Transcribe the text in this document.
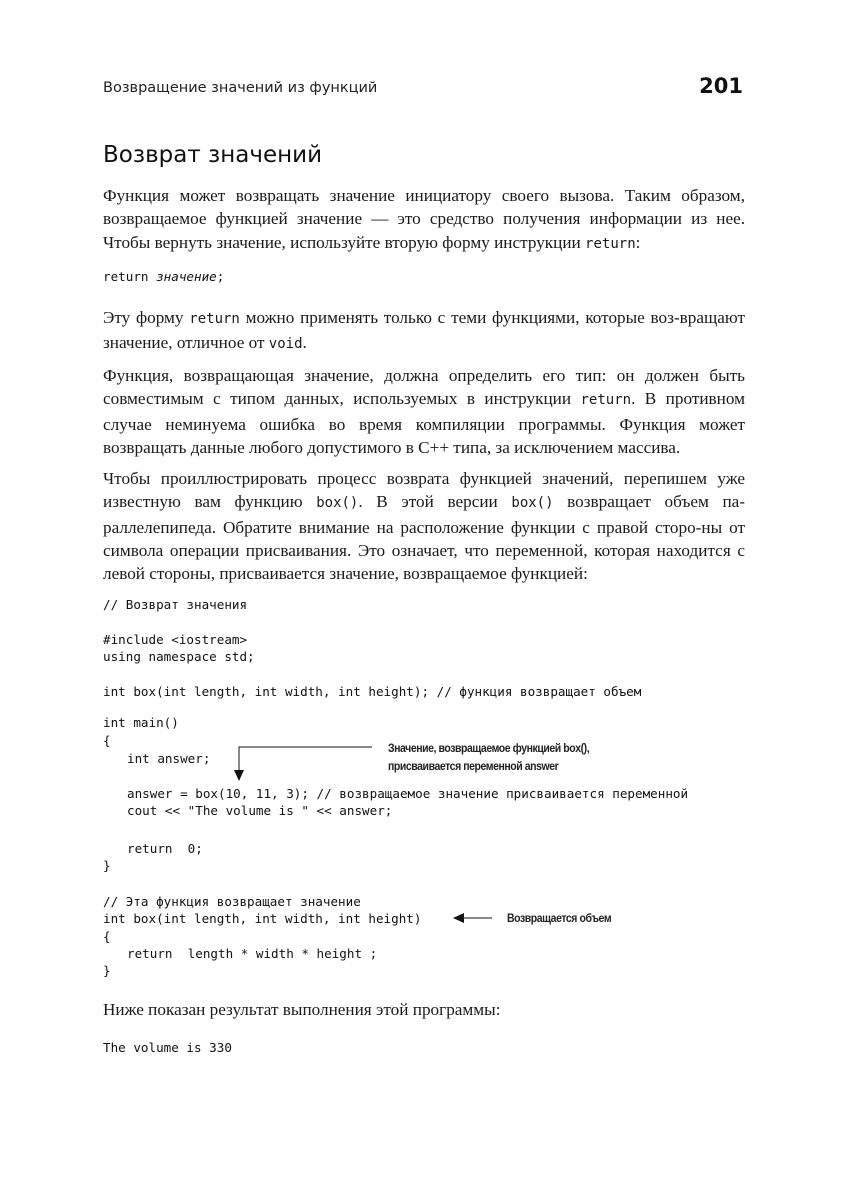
Возвращение значений из функций	201
Возврат значений

Функция может возвращать значение инициатору своего вызова. Таким образом, возвращаемое функцией значение — это средство получения информации из нее. Чтобы вернуть значение, используйте вторую форму инструкции return:

return значение;

Эту форму return можно применять только с теми функциями, которые воз-вращают значение, отличное от void.

Функция, возвращающая значение, должна определить его тип: он должен быть совместимым с типом данных, используемых в инструкции return. В противном случае неминуема ошибка во время компиляции программы. Функция может возвращать данные любого допустимого в C++ типа, за исключением массива.

Чтобы проиллюстрировать процесс возврата функцией значений, перепишем уже известную вам функцию box(). В этой версии box() возвращает объем па-раллелепипеда. Обратите внимание на расположение функции с правой сторо-ны от символа операции присваивания. Это означает, что переменной, которая находится с левой стороны, присваивается значение, возвращаемое функцией:

// Возврат значения
#include <iostream>
using namespace std;
int box(int length, int width, int height); // функция возвращает объем
int main()
{
int answer;
answer = box(10, 11, 3); // возвращаемое значение присваивается переменной
cout << "The volume is " << answer;
return  0;
}
// Эта функция возвращает значение
int box(int length, int width, int height)
{
return  length * width * height ;
}
Значение, возвращаемое функцией box(),
присваивается переменной answer
Возвращается объем

Ниже показан результат выполнения этой программы:

The volume is 330
